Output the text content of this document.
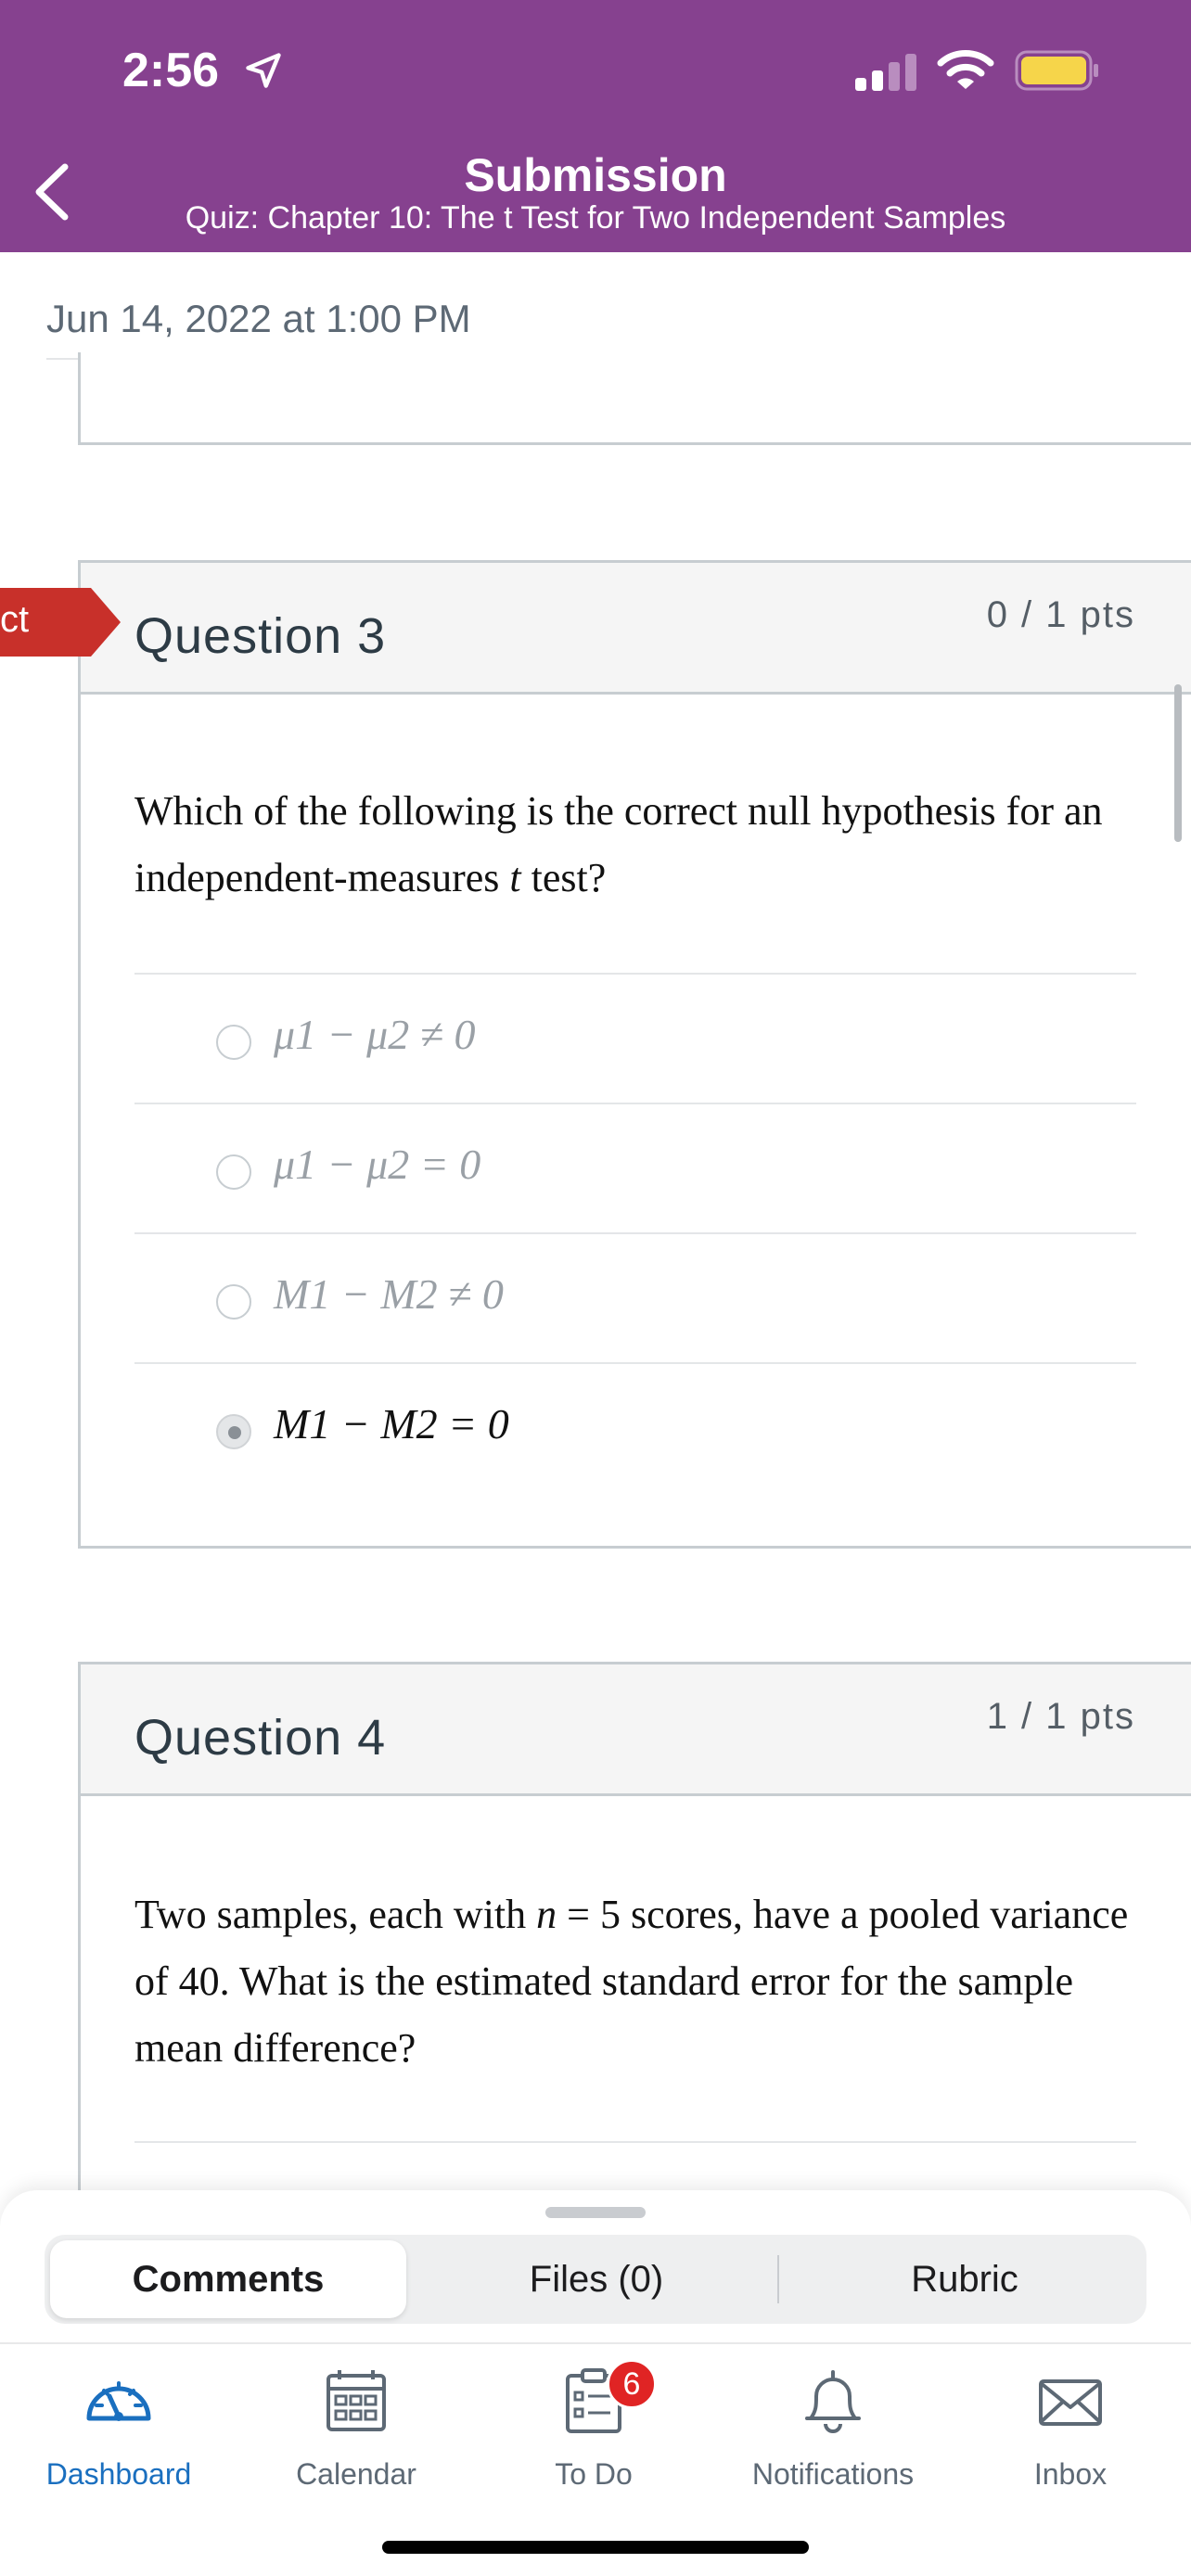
2:56
Submission
Quiz: Chapter 10: The t Test for Two Independent Samples
Jun 14, 2022 at 1:00 PM
Question 3	0 / 1 pts
Which of the following is the correct null hypothesis for an independent-measures t test?
μ1 − μ2 ≠ 0
μ1 − μ2 = 0
M1 − M2 ≠ 0
M1 − M2 = 0
ct
Question 4	1 / 1 pts
Two samples, each with n = 5 scores, have a pooled variance of 40. What is the estimated standard error for the sample mean difference?
Comments	Files (0)	Rubric
Dashboard	Calendar
6
To Do	Notifications	Inbox
